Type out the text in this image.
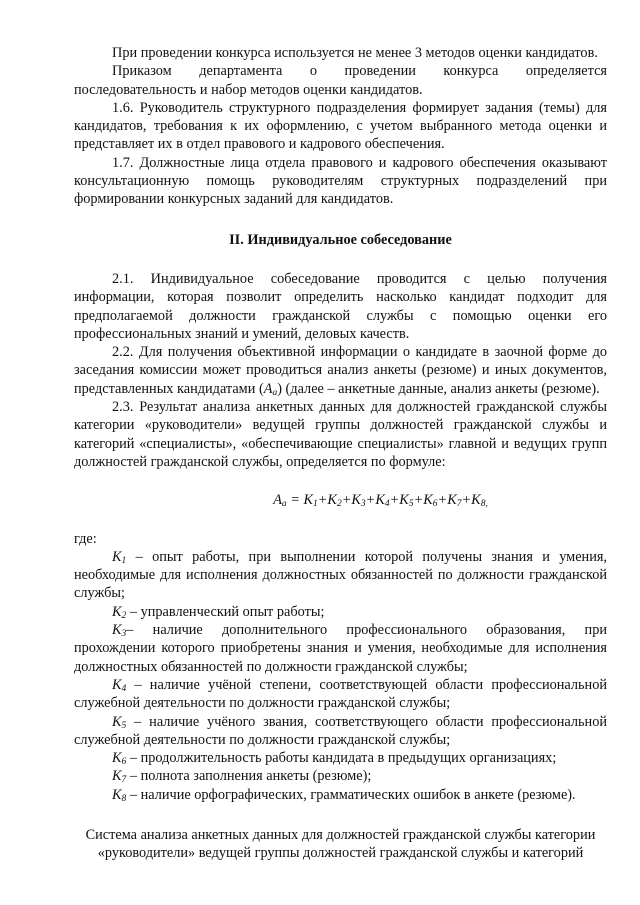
При проведении конкурса используется не менее 3 методов оценки кандидатов.

Приказом департамента о проведении конкурса определяется последовательность и набор методов оценки кандидатов.

1.6. Руководитель структурного подразделения формирует задания (темы) для кандидатов, требования к их оформлению, с учетом выбранного метода оценки и представляет их в отдел правового и кадрового обеспечения.

1.7. Должностные лица отдела правового и кадрового обеспечения оказывают консультационную помощь руководителям структурных подразделений при формировании конкурсных заданий для кандидатов.

II. Индивидуальное собеседование

2.1. Индивидуальное собеседование проводится с целью получения информации, которая позволит определить насколько кандидат подходит для предполагаемой должности гражданской службы с помощью оценки его профессиональных знаний и умений, деловых качеств.

2.2. Для получения объективной информации о кандидате в заочной форме до заседания комиссии может проводиться анализ анкеты (резюме) и иных документов, представленных кандидатами $(A_a)$ (далее – анкетные данные, анализ анкеты (резюме).

2.3. Результат анализа анкетных данных для должностей гражданской службы категории «руководители» ведущей группы должностей гражданской службы и категорий «специалисты», «обеспечивающие специалисты» главной и ведущих групп должностей гражданской службы, определяется по формуле:

$A_a = K_1+K_2+K_3+K_4+K_5+K_6+K_7+K_{8,}$

где:

$K_1$ – опыт работы, при выполнении которой получены знания и умения, необходимые для исполнения должностных обязанностей по должности гражданской службы;

$K_2$ – управленческий опыт работы;

$K_3-$ наличие дополнительного профессионального образования, при прохождении которого приобретены знания и умения, необходимые для исполнения должностных обязанностей по должности гражданской службы;

$K_4$ – наличие учёной степени, соответствующей области профессиональной служебной деятельности по должности гражданской службы;

$K_5$ – наличие учёного звания, соответствующего области профессиональной служебной деятельности по должности гражданской службы;

$K_6$ – продолжительность работы кандидата в предыдущих организациях;

$K_7$ – полнота заполнения анкеты (резюме);

$K_8$ – наличие орфографических, грамматических ошибок в анкете (резюме).

Система анализа анкетных данных для должностей гражданской службы категории «руководители» ведущей группы должностей гражданской службы и категорий
